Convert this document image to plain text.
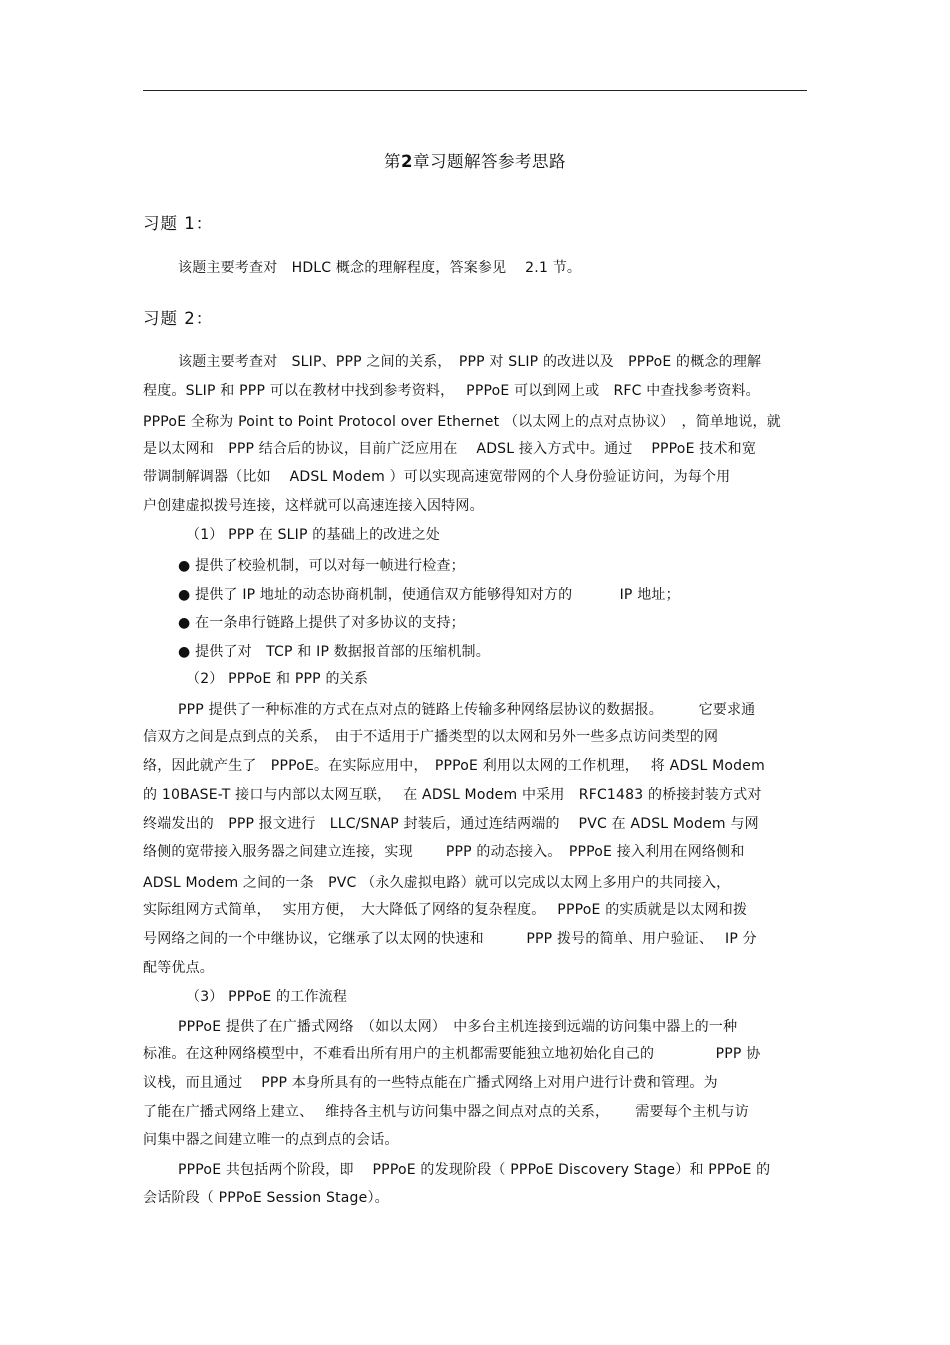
第2章习题解答参考思路
习题 1：
该题主要考查对　HDLC 概念的理解程度，答案参见　 2.1 节。
习题 2：
该题主要考查对　SLIP、PPP 之间的关系，　PPP 对 SLIP 的改进以及　PPPoE 的概念的理解
程度。SLIP 和 PPP 可以在教材中找到参考资料，　 PPPoE 可以到网上或　RFC 中查找参考资料。
PPPoE 全称为 Point to Point Protocol over Ethernet （以太网上的点对点协议）　，简单地说，就
是以太网和　PPP 结合后的协议，目前广泛应用在　 ADSL 接入方式中。通过　 PPPoE 技术和宽
带调制解调器（比如　 ADSL Modem ）可以实现高速宽带网的个人身份验证访问，为每个用
户创建虚拟拨号连接，这样就可以高速连接入因特网。
（1） PPP 在 SLIP 的基础上的改进之处
● 提供了校验机制，可以对每一帧进行检查；
● 提供了 IP 地址的动态协商机制，使通信双方能够得知对方的　　　 IP 地址；
● 在一条串行链路上提供了对多协议的支持；
● 提供了对　TCP 和 IP 数据报首部的压缩机制。
（2） PPPoE 和 PPP 的关系
PPP 提供了一种标准的方式在点对点的链路上传输多种网络层协议的数据报。　　　它要求通
信双方之间是点到点的关系，　由于不适用于广播类型的以太网和另外一些多点访问类型的网
络，因此就产生了　PPPoE。在实际应用中，　PPPoE 利用以太网的工作机理，　 将 ADSL Modem
的 10BASE-T 接口与内部以太网互联，　 在 ADSL Modem 中采用　RFC1483 的桥接封装方式对
终端发出的　PPP 报文进行　LLC/SNAP 封装后，通过连结两端的　 PVC 在 ADSL Modem 与网
络侧的宽带接入服务器之间建立连接，实现　　 PPP 的动态接入。　PPPoE 接入利用在网络侧和
ADSL Modem 之间的一条　PVC （永久虚拟电路）就可以完成以太网上多用户的共同接入，
实际组网方式简单，　 实用方便，　大大降低了网络的复杂程度。　 PPPoE 的实质就是以太网和拨
号网络之间的一个中继协议，它继承了以太网的快速和　　　PPP 拨号的简单、用户验证、　 IP 分
配等优点。
（3） PPPoE 的工作流程
PPPoE 提供了在广播式网络　（如以太网）　中多台主机连接到远端的访问集中器上的一种
标准。在这种网络模型中，不难看出所有用户的主机都需要能独立地初始化自己的　　　　 PPP 协
议栈，而且通过　 PPP 本身所具有的一些特点能在广播式网络上对用户进行计费和管理。为
了能在广播式网络上建立、　 维持各主机与访问集中器之间点对点的关系，　　 需要每个主机与访
问集中器之间建立唯一的点到点的会话。
PPPoE 共包括两个阶段，即　 PPPoE 的发现阶段（ PPPoE Discovery Stage）和 PPPoE 的
会话阶段（ PPPoE Session Stage）。
